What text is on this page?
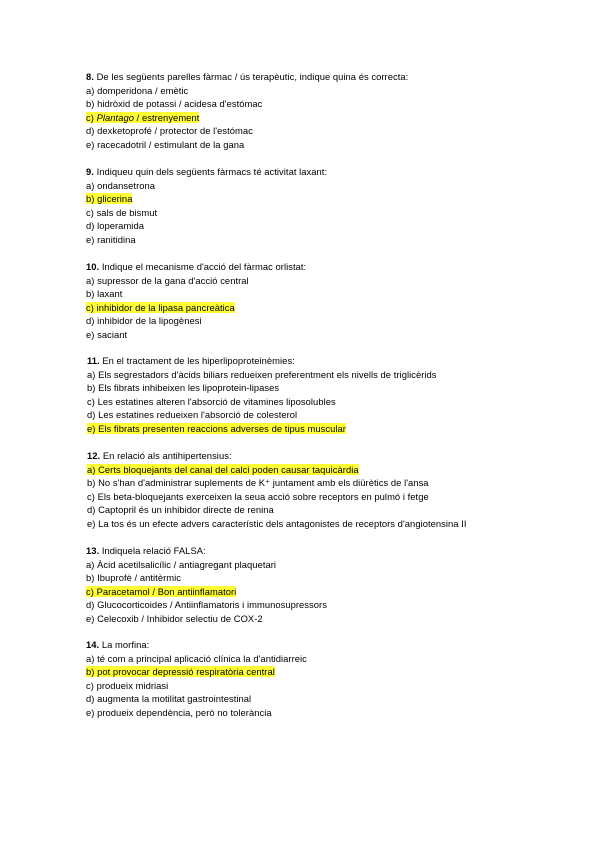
8. De les següents parelles fàrmac / ús terapèutic, indique quina és correcta:
a) domperidona / emètic
b) hidròxid de potassi / acidesa d'estómac
c) Plantago / estrenyement
d) dexketoprofé / protector de l'estómac
e) racecadotril / estimulant de la gana
9. Indiqueu quin dels següents fàrmacs té activitat laxant:
a) ondansetrona
b) glicerina
c) sals de bismut
d) loperamida
e) ranitidina
10. Indique el mecanisme d'acció del fàrmac orlistat:
a) supressor de la gana d'acció central
b) laxant
c) inhibidor de la lipasa pancreàtica
d) inhibidor de la lipogènesi
e) saciant
11. En el tractament de les hiperlipoproteinèmies:
a) Els segrestadors d'àcids biliars redueixen preferentment els nivells de triglicèrids
b) Els fibrats inhibeixen les lipoprotein-lipases
c) Les estatines alteren l'absorció de vitamines liposolubles
d) Les estatines redueixen l'absorció de colesterol
e) Els fibrats presenten reaccions adverses de tipus muscular
12. En relació als antihipertensius:
a) Certs bloquejants del canal del calci poden causar taquicàrdia
b) No s'han d'administrar suplements de K⁺ juntament amb els diürètics de l'ansa
c) Els beta-bloquejants exerceixen la seua acció sobre receptors en pulmó i fetge
d) Captopril és un inhibidor directe de renina
e) La tos és un efecte advers característic dels antagonistes de receptors d'angiotensina II
13. Indiquela relació FALSA:
a) Àcid acetilsalicílic / antiagregant plaquetari
b) Ibuprofè / antitèrmic
c) Paracetamol / Bon antiinflamatori
d) Glucocorticoides / Antiinflamatoris i immunosupressors
e) Celecoxib / Inhibidor selectiu de COX-2
14. La morfina:
a) té com a principal aplicació clínica la d'antidiarreic
b) pot provocar depressió respiratòria central
c) produeix midriasi
d) augmenta la motilitat gastrointestinal
e) produeix dependència, però no tolerància
